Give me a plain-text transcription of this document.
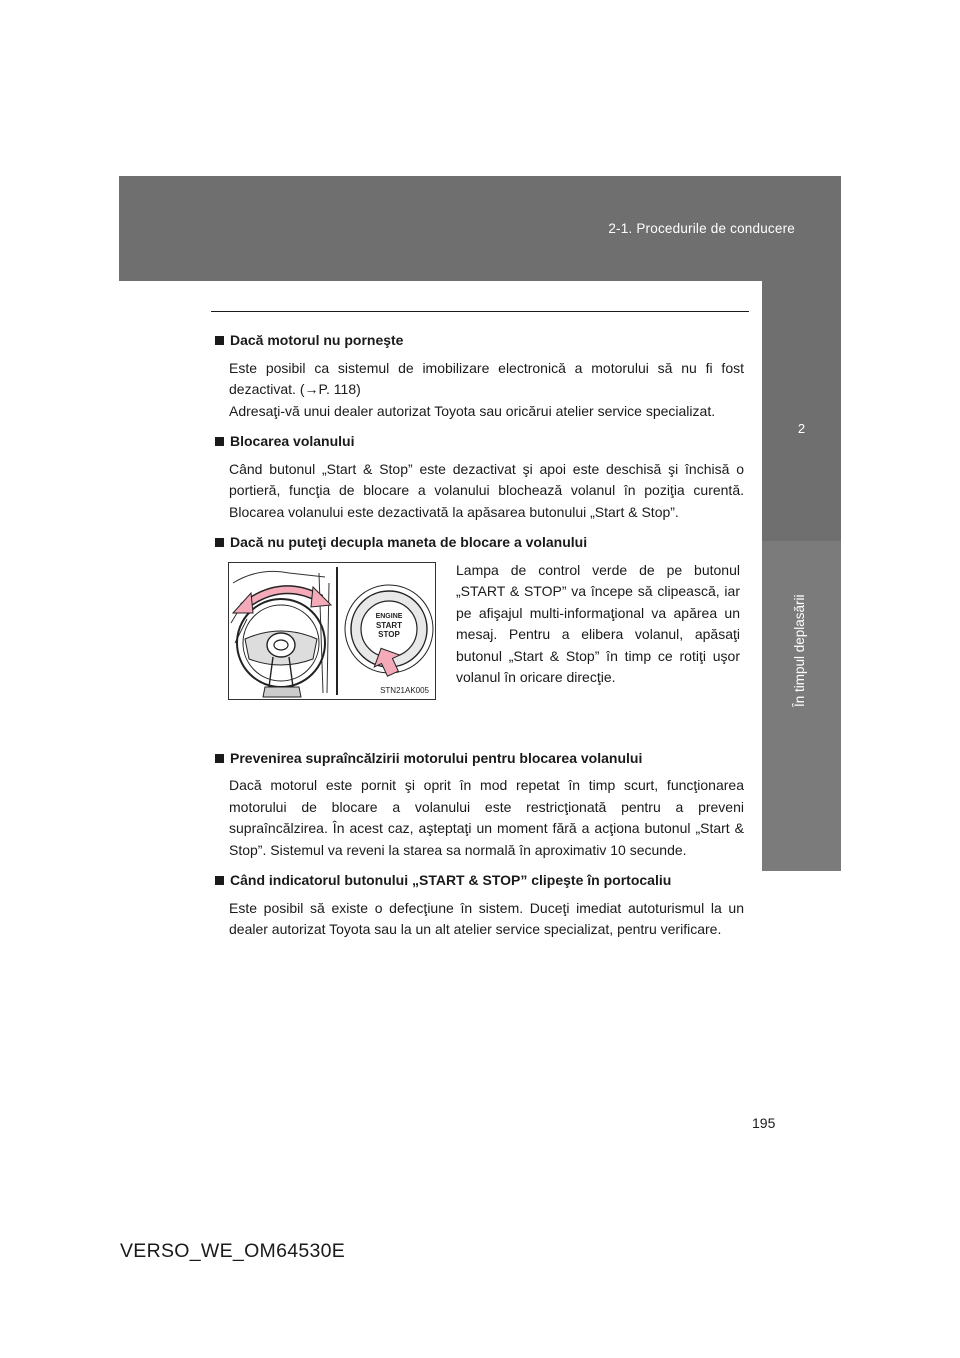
2-1. Procedurile de conducere
2
În timpul deplasării
Dacă motorul nu porneşte

Este posibil ca sistemul de imobilizare electronică a motorului să nu fi fost dezactivat. (→P. 118)

Adresaţi-vă unui dealer autorizat Toyota sau oricărui atelier service specializat.

Blocarea volanului

Când butonul „Start & Stop” este dezactivat şi apoi este deschisă şi închisă o portieră, funcţia de blocare a volanului blochează volanul în poziţia curentă. Blocarea volanului este dezactivată la apăsarea butonului „Start & Stop”.

Dacă nu puteţi decupla maneta de blocare a volanului
ENGINE
START
STOP
STN21AK005

Lampa de control verde de pe butonul „START & STOP” va începe să clipească, iar pe afişajul multi-informaţional va apărea un mesaj. Pentru a elibera volanul, apăsaţi butonul „Start & Stop” în timp ce rotiţi uşor volanul în oricare direcţie.

Prevenirea supraîncălzirii motorului pentru blocarea volanului

Dacă motorul este pornit şi oprit în mod repetat în timp scurt, funcţionarea motorului de blocare a volanului este restricţionată pentru a preveni supraîncălzirea. În acest caz, aşteptaţi un moment fără a acţiona butonul „Start & Stop”. Sistemul va reveni la starea sa normală în aproximativ 10 secunde.

Când indicatorul butonului „START & STOP” clipeşte în portocaliu

Este posibil să existe o defecţiune în sistem. Duceţi imediat autoturismul la un dealer autorizat Toyota sau la un alt atelier service specializat, pentru verificare.

195
VERSO_WE_OM64530E
